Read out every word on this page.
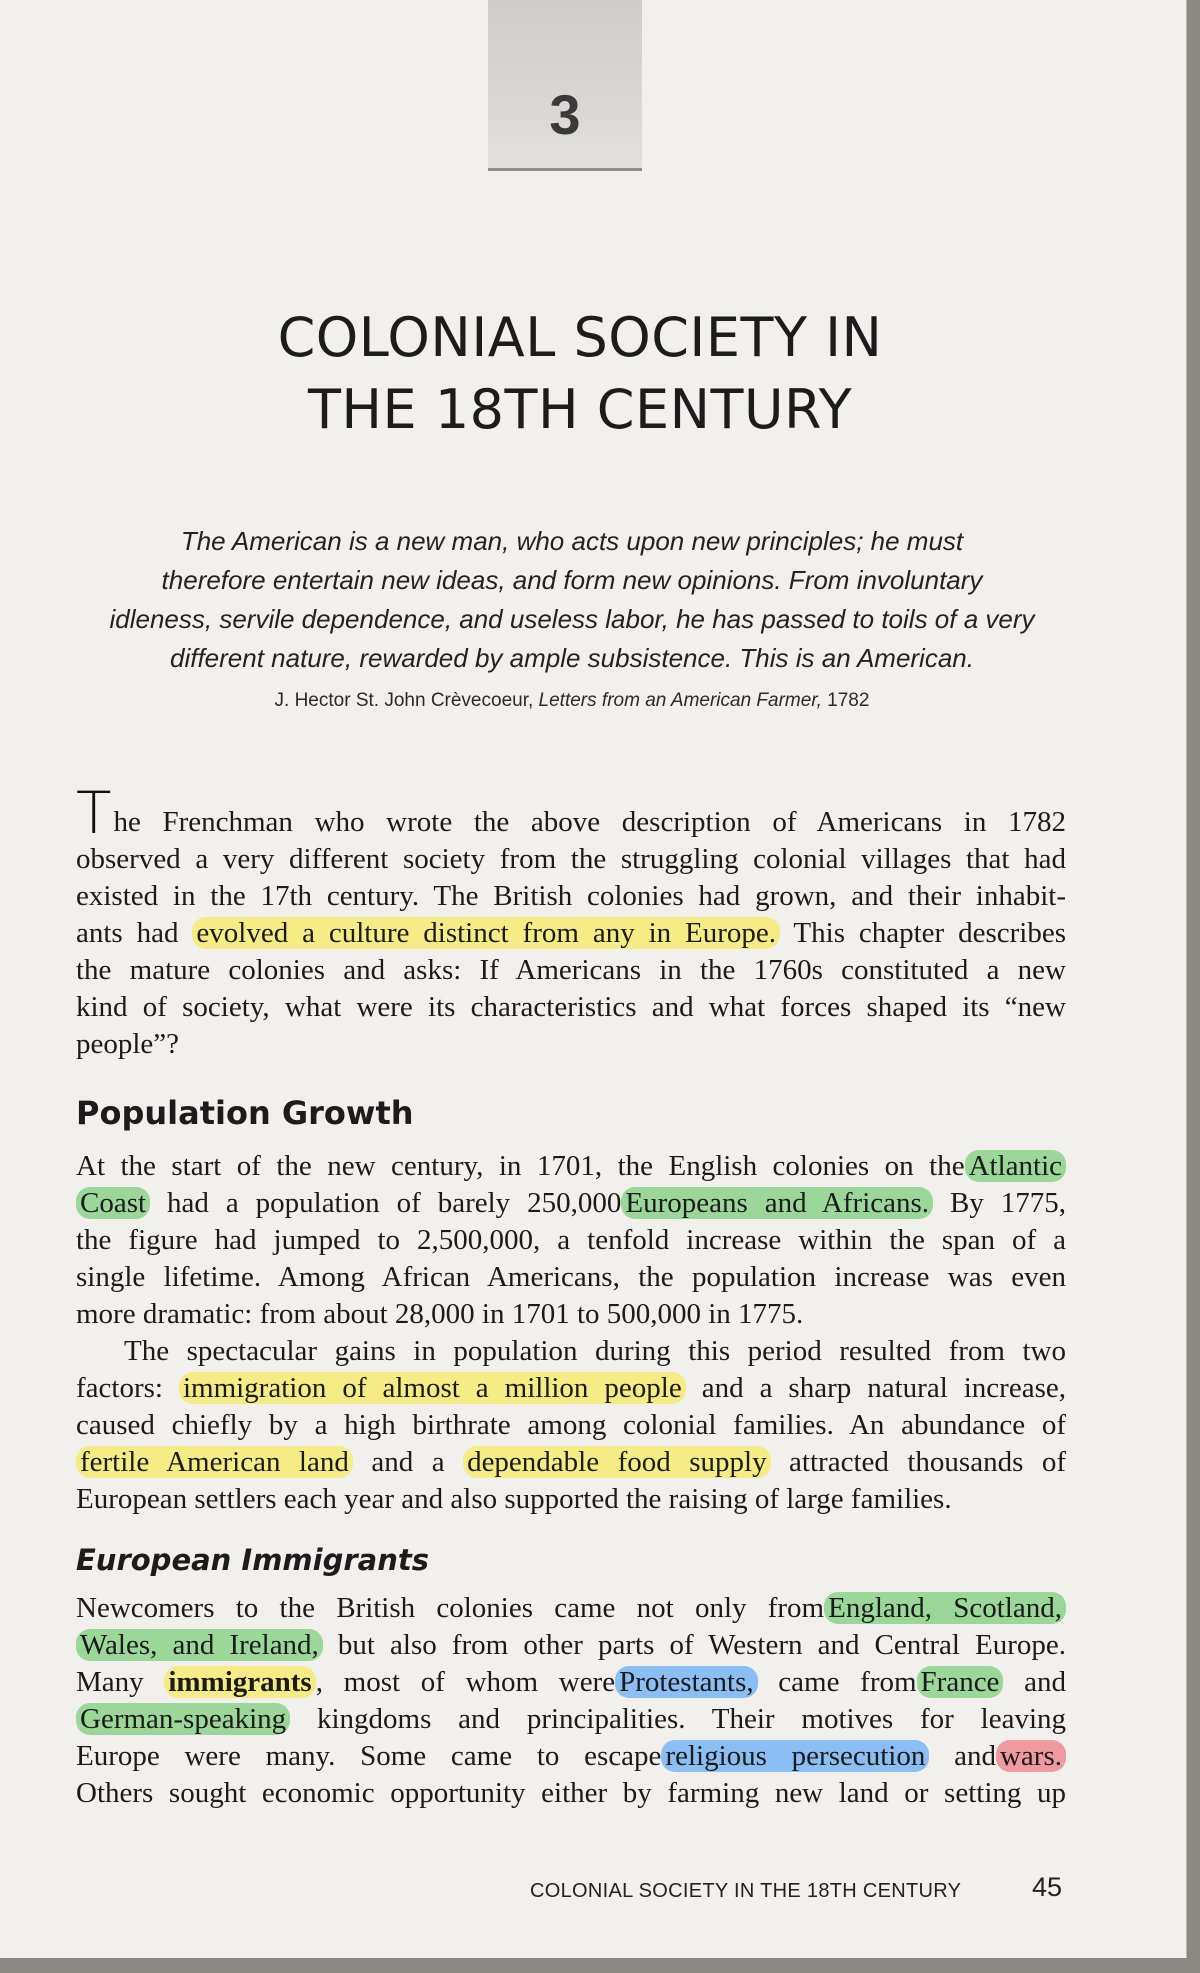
3
COLONIAL SOCIETY IN
THE 18TH CENTURY
The American is a new man, who acts upon new principles; he must
therefore entertain new ideas, and form new opinions. From involuntary
idleness, servile dependence, and useless labor, he has passed to toils of a very
different nature, rewarded by ample subsistence. This is an American.
J. Hector St. John Crèvecoeur, Letters from an American Farmer, 1782
The Frenchman who wrote the above description of Americans in 1782
observed a very different society from the struggling colonial villages that had
existed in the 17th century. The British colonies had grown, and their inhabit-
ants had evolved a culture distinct from any in Europe. This chapter describes
the mature colonies and asks: If Americans in the 1760s constituted a new
kind of society, what were its characteristics and what forces shaped its “new
people”?
Population Growth
At the start of the new century, in 1701, the English colonies on the Atlantic
Coast had a population of barely 250,000 Europeans and Africans. By 1775,
the figure had jumped to 2,500,000, a tenfold increase within the span of a
single lifetime. Among African Americans, the population increase was even
more dramatic: from about 28,000 in 1701 to 500,000 in 1775.
The spectacular gains in population during this period resulted from two
factors: immigration of almost a million people and a sharp natural increase,
caused chiefly by a high birthrate among colonial families. An abundance of
fertile American land and a dependable food supply attracted thousands of
European settlers each year and also supported the raising of large families.
European Immigrants
Newcomers to the British colonies came not only from England, Scotland,
Wales, and Ireland, but also from other parts of Western and Central Europe.
Many immigrants , most of whom were Protestants, came from France and
German-speaking kingdoms and principalities. Their motives for leaving
Europe were many. Some came to escape religious persecution and wars.
Others sought economic opportunity either by farming new land or setting up
COLONIAL SOCIETY IN THE 18TH CENTURY	45
